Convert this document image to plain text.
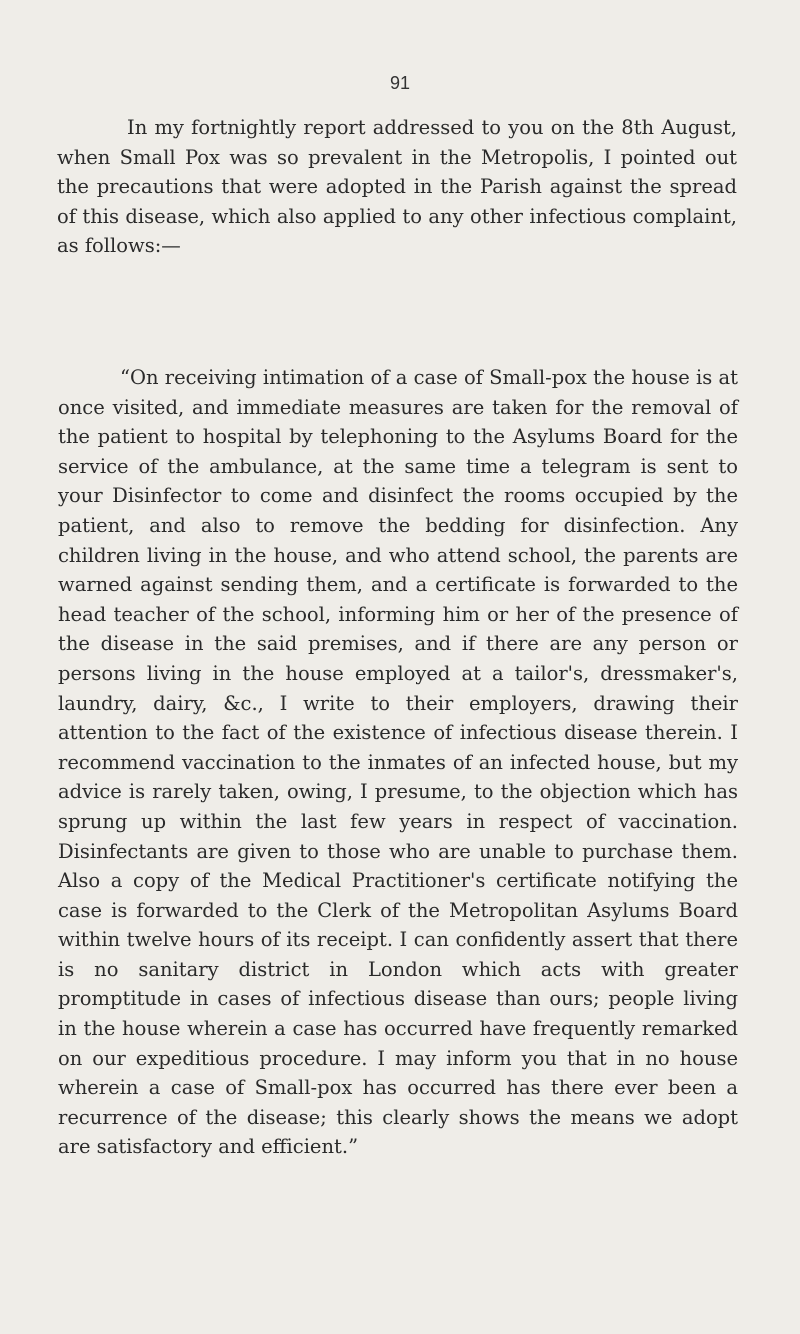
91

In my fortnightly report addressed to you on the 8th August, when Small Pox was so prevalent in the Metropolis, I pointed out the precautions that were adopted in the Parish against the spread of this disease, which also applied to any other infectious complaint, as follows:—

“On receiving intimation of a case of Small-pox the house is at once visited, and immediate measures are taken for the removal of the patient to hospital by telephoning to the Asylums Board for the service of the ambulance, at the same time a telegram is sent to your Disinfector to come and disinfect the rooms occupied by the patient, and also to remove the bedding for disinfection. Any children living in the house, and who attend school, the parents are warned against sending them, and a certificate is forwarded to the head teacher of the school, informing him or her of the presence of the disease in the said premises, and if there are any person or persons living in the house employed at a tailor's, dressmaker's, laundry, dairy, &c., I write to their employers, drawing their attention to the fact of the existence of infectious disease therein. I recommend vaccination to the inmates of an infected house, but my advice is rarely taken, owing, I presume, to the objection which has sprung up within the last few years in respect of vaccination. Disinfectants are given to those who are unable to purchase them. Also a copy of the Medical Practitioner's certificate notifying the case is forwarded to the Clerk of the Metropolitan Asylums Board within twelve hours of its receipt. I can confidently assert that there is no sanitary district in London which acts with greater promptitude in cases of infectious disease than ours; people living in the house wherein a case has occurred have frequently remarked on our expeditious procedure. I may inform you that in no house wherein a case of Small-pox has occurred has there ever been a recurrence of the disease; this clearly shows the means we adopt are satisfactory and efficient.”
